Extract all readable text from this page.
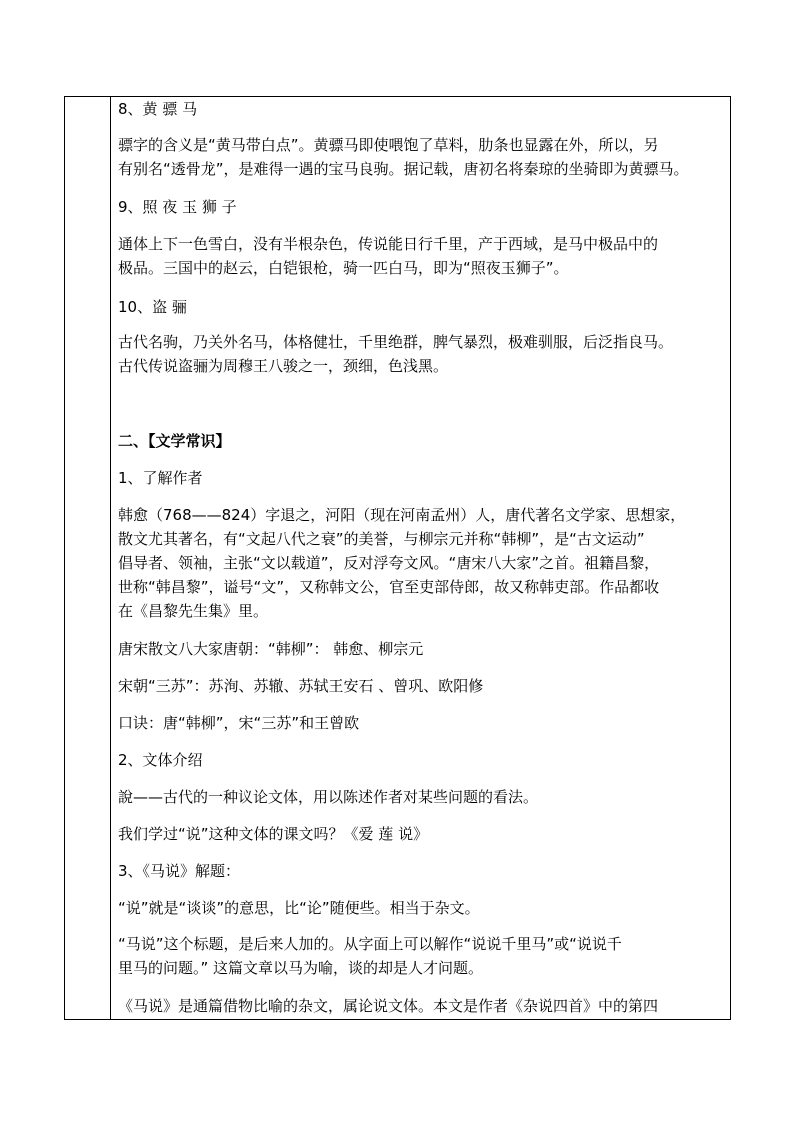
8、黄 骠 马
骠字的含义是“黄马带白点”。黄骠马即使喂饱了草料，肋条也显露在外，所以，另
有别名“透骨龙”，是难得一遇的宝马良驹。据记载，唐初名将秦琼的坐骑即为黄骠马。
9、照 夜 玉 狮 子
通体上下一色雪白，没有半根杂色，传说能日行千里，产于西域，是马中极品中的
极品。三国中的赵云，白铠银枪，骑一匹白马，即为“照夜玉狮子”。
10、盗 骊
古代名驹，乃关外名马，体格健壮，千里绝群，脾气暴烈，极难驯服，后泛指良马。
古代传说盗骊为周穆王八骏之一，颈细，色浅黑。
二、【文学常识】
1、了解作者
韩愈（768——824）字退之，河阳（现在河南孟州）人，唐代著名文学家、思想家，
散文尤其著名，有“文起八代之衰”的美誉，与柳宗元并称“韩柳”，是“古文运动”
倡导者、领袖，主张“文以载道”，反对浮夸文风。“唐宋八大家”之首。祖籍昌黎，
世称“韩昌黎”，谥号“文”，又称韩文公，官至吏部侍郎，故又称韩吏部。作品都收
在《昌黎先生集》里。
唐宋散文八大家唐朝：“韩柳”： 韩愈、柳宗元
宋朝“三苏”：苏洵、苏辙、苏轼王安石 、曾巩、欧阳修
口诀：唐“韩柳”，宋“三苏”和王曾欧
2、文体介绍
說——古代的一种议论文体，用以陈述作者对某些问题的看法。
我们学过“说”这种文体的课文吗？《爱 莲 说》
3、《马说》解题：
“说”就是“谈谈”的意思，比“论”随便些。相当于杂文。
“马说”这个标题，是后来人加的。从字面上可以解作“说说千里马”或“说说千
里马的问题。” 这篇文章以马为喻，谈的却是人才问题。
《马说》是通篇借物比喻的杂文，属论说文体。本文是作者《杂说四首》中的第四
